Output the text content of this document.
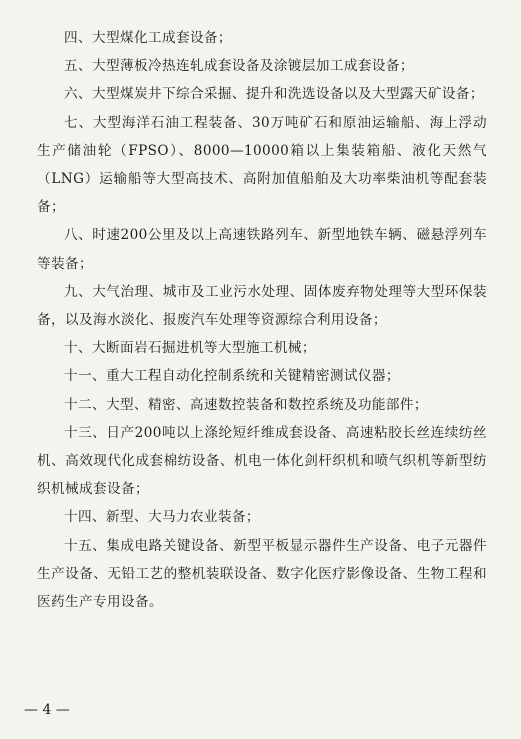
四、大型煤化工成套设备；

五、大型薄板冷热连轧成套设备及涂镀层加工成套设备；

六、大型煤炭井下综合采掘、提升和洗选设备以及大型露天矿设备；

七、大型海洋石油工程装备、30万吨矿石和原油运输船、海上浮动生产储油轮（FPSO）、8000—10000箱以上集装箱船、液化天然气（LNG）运输船等大型高技术、高附加值船舶及大功率柴油机等配套装备；

八、时速200公里及以上高速铁路列车、新型地铁车辆、磁悬浮列车等装备；

九、大气治理、城市及工业污水处理、固体废弃物处理等大型环保装备，以及海水淡化、报废汽车处理等资源综合利用设备；

十、大断面岩石掘进机等大型施工机械；

十一、重大工程自动化控制系统和关键精密测试仪器；

十二、大型、精密、高速数控装备和数控系统及功能部件；

十三、日产200吨以上涤纶短纤维成套设备、高速粘胶长丝连续纺丝机、高效现代化成套棉纺设备、机电一体化剑杆织机和喷气织机等新型纺织机械成套设备；

十四、新型、大马力农业装备；

十五、集成电路关键设备、新型平板显示器件生产设备、电子元器件生产设备、无铅工艺的整机装联设备、数字化医疗影像设备、生物工程和医药生产专用设备。

— 4 —
